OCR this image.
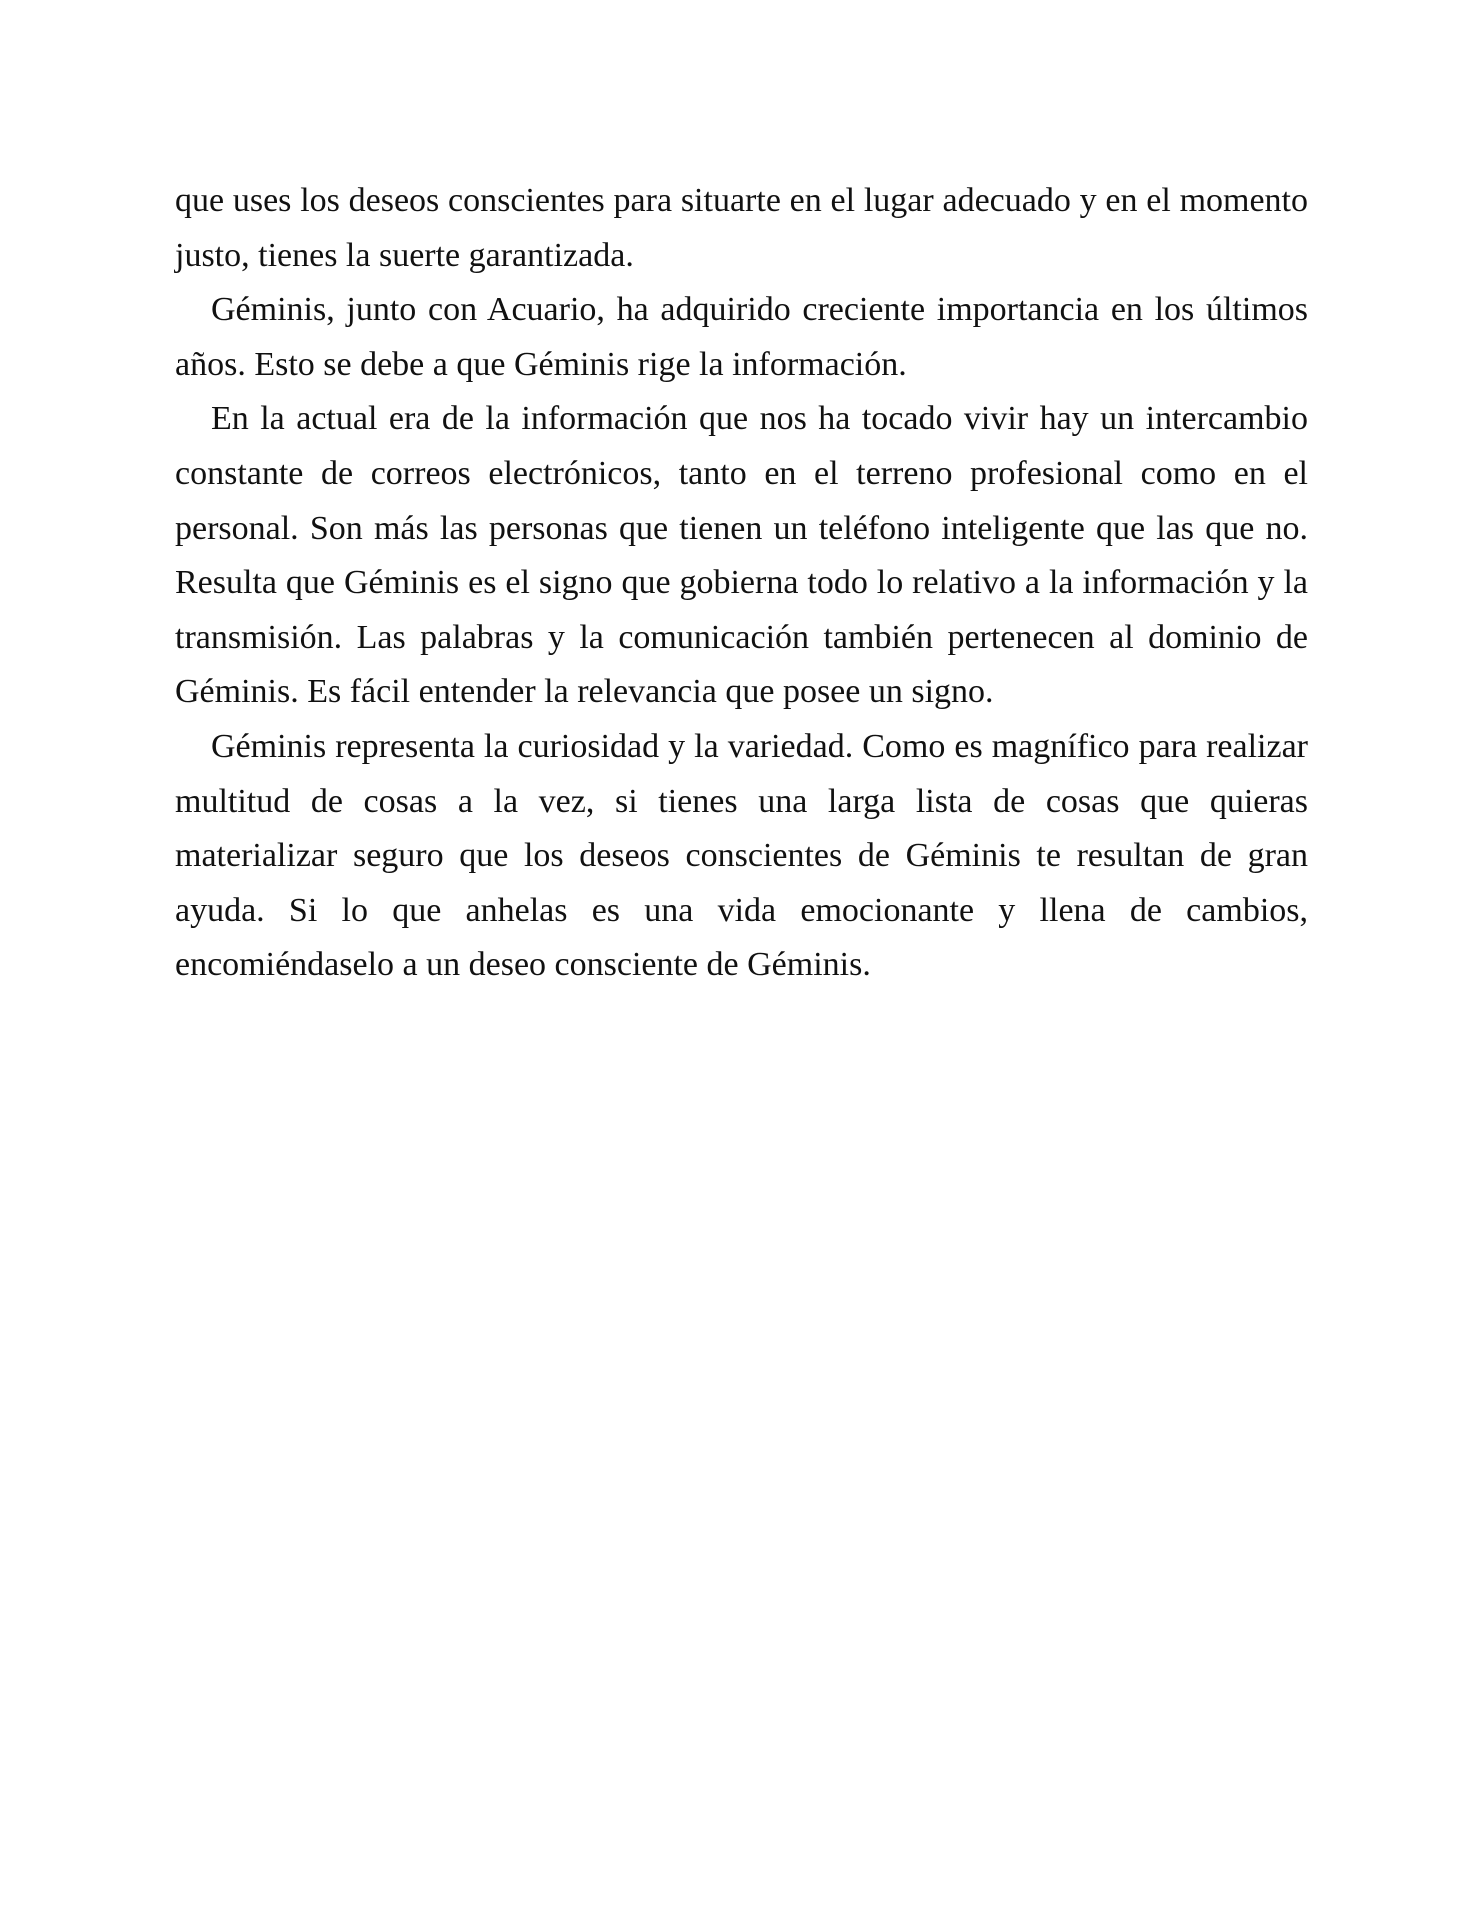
que uses los deseos conscientes para situarte en el lugar adecuado y en el momento justo, tienes la suerte garantizada.

Géminis, junto con Acuario, ha adquirido creciente importancia en los últimos años. Esto se debe a que Géminis rige la información.

En la actual era de la información que nos ha tocado vivir hay un intercambio constante de correos electrónicos, tanto en el terreno profesional como en el personal. Son más las personas que tienen un teléfono inteligente que las que no. Resulta que Géminis es el signo que gobierna todo lo relativo a la información y la transmisión. Las palabras y la comunicación también pertenecen al dominio de Géminis. Es fácil entender la relevancia que posee un signo.

Géminis representa la curiosidad y la variedad. Como es magnífico para realizar multitud de cosas a la vez, si tienes una larga lista de cosas que quieras materializar seguro que los deseos conscientes de Géminis te resultan de gran ayuda. Si lo que anhelas es una vida emocionante y llena de cambios, encomiéndaselo a un deseo consciente de Géminis.
